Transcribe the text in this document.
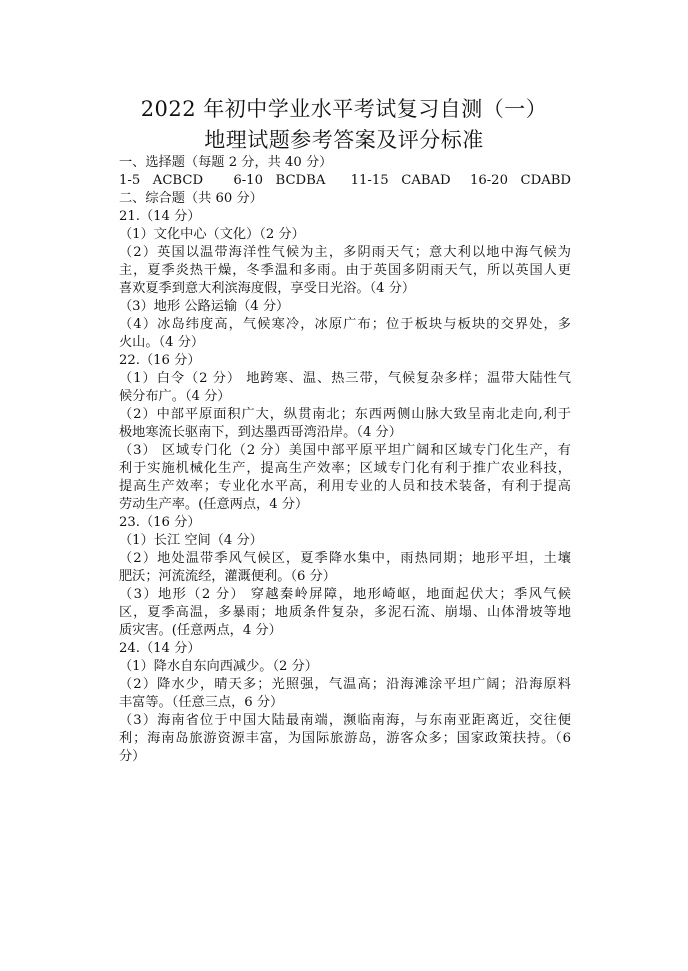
2022 年初中学业水平考试复习自测（一）
地理试题参考答案及评分标准
一、选择题（每题 2 分，共 40 分）
1-5   ACBCD	6-10   BCDBA	11-15   CABAD	16-20   CDABD
二、综合题（共 60 分）
21.（14 分）
（1）文化中心（文化）（2 分）
（2）英国以温带海洋性气候为主，多阴雨天气；意大利以地中海气候为
主，夏季炎热干燥，冬季温和多雨。由于英国多阴雨天气，所以英国人更
喜欢夏季到意大利滨海度假，享受日光浴。（4 分）
（3）地形 公路运输（4 分）
（4）冰岛纬度高，气候寒冷，冰原广布；位于板块与板块的交界处，多
火山。（4 分）
22.（16 分）
（1）白令（2 分） 地跨寒、温、热三带，气候复杂多样；温带大陆性气
候分布广。（4 分）
（2）中部平原面积广大，纵贯南北；东西两侧山脉大致呈南北走向,利于
极地寒流长驱南下，到达墨西哥湾沿岸。（4 分）
（3） 区域专门化（2 分）美国中部平原平坦广阔和区域专门化生产，有
利于实施机械化生产，提高生产效率；区域专门化有利于推广农业科技，
提高生产效率；专业化水平高，利用专业的人员和技术装备，有利于提高
劳动生产率。(任意两点，4 分）
23.（16 分）
（1）长江 空间（4 分）
（2）地处温带季风气候区，夏季降水集中，雨热同期；地形平坦，土壤
肥沃；河流流经，灌溉便利。（6 分）
（3）地形（2 分） 穿越秦岭屏障，地形崎岖，地面起伏大；季风气候
区，夏季高温，多暴雨；地质条件复杂，多泥石流、崩塌、山体滑坡等地
质灾害。(任意两点，4 分）
24.（14 分）
（1）降水自东向西减少。（2 分）
（2）降水少，晴天多；光照强，气温高；沿海滩涂平坦广阔；沿海原料
丰富等。（任意三点，6 分）
（3）海南省位于中国大陆最南端，濒临南海，与东南亚距离近，交往便
利；海南岛旅游资源丰富，为国际旅游岛，游客众多；国家政策扶持。（6
分）
